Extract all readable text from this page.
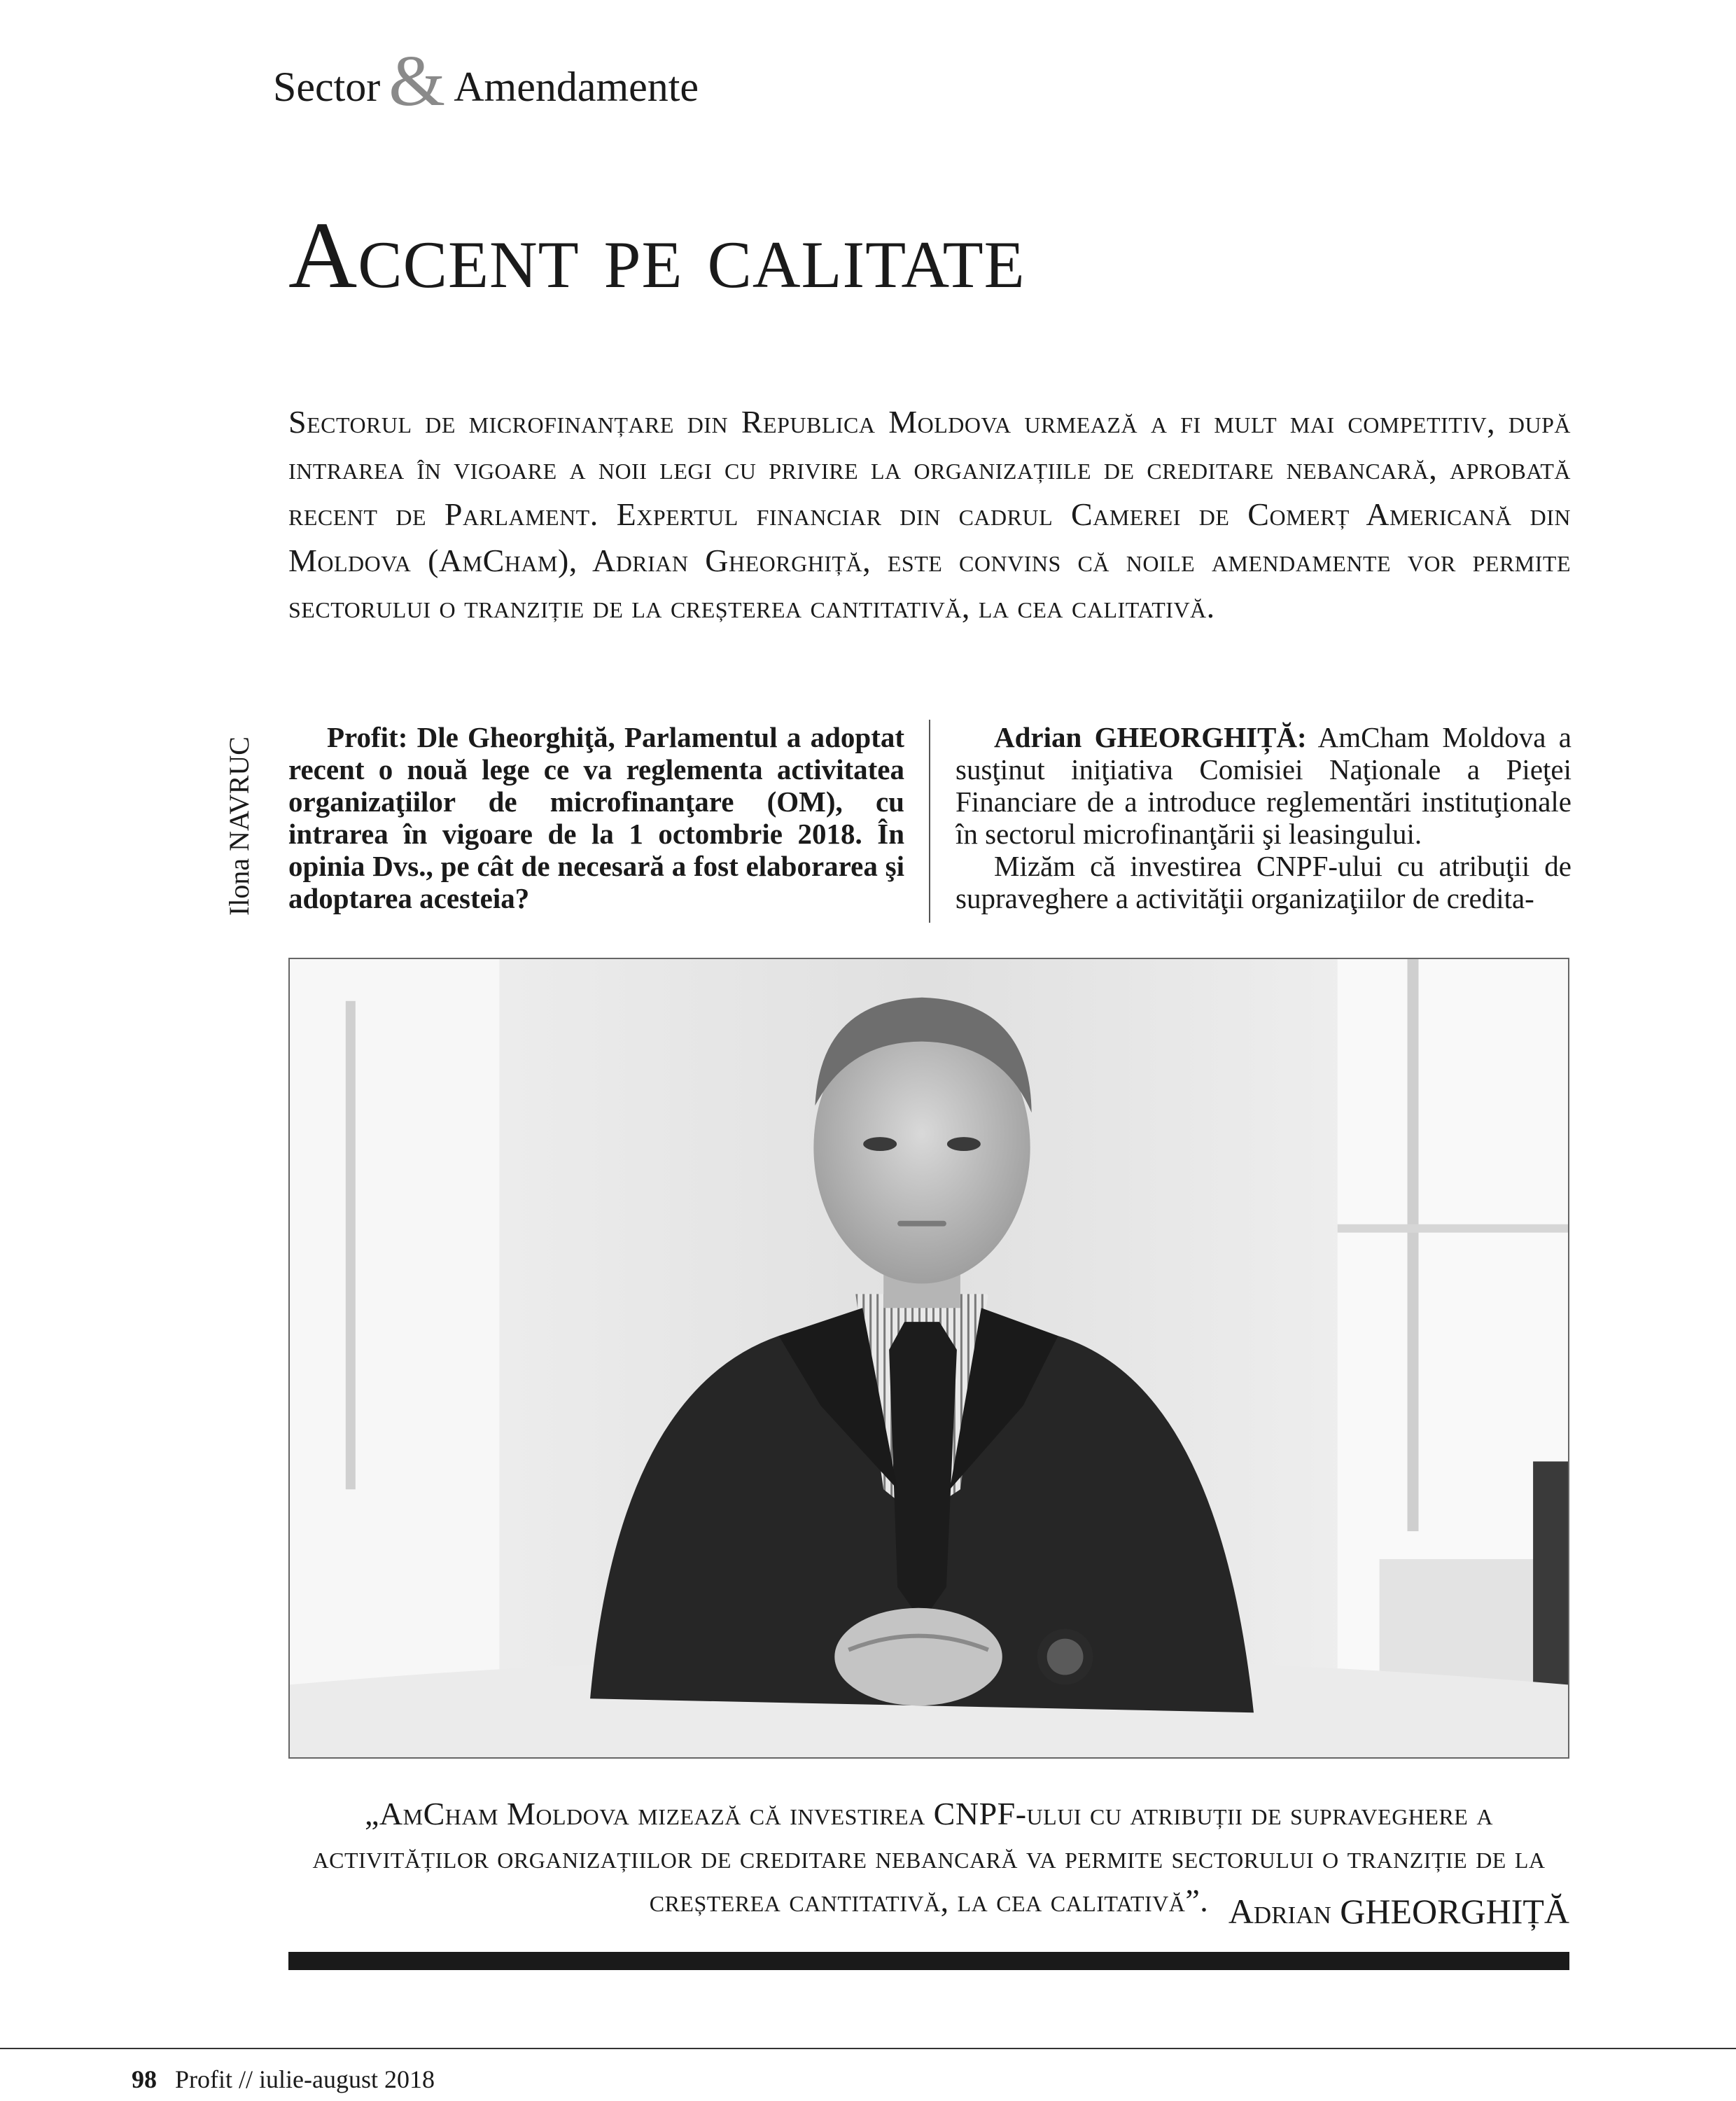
Sector & Amendamente
Accent pe calitate
Sectorul de microfinanțare din Republica Moldova urmează a fi mult mai competitiv, după intrarea în vigoare a noii legi cu privire la organizațiile de creditare nebancară, aprobată recent de Parlament. Expertul financiar din cadrul Camerei de Comerț Americană din Moldova (AmCham), Adrian Gheorghiță, este convins că noile amendamente vor permite sectorului o tranziție de la creșterea cantitativă, la cea calitativă.
Ilona NAVRUC	Profit: Dle Gheorghiţă, Parlamentul a adoptat recent o nouă lege ce va reglementa activitatea organizaţiilor de microfinanţare (OM), cu intrarea în vigoare de la 1 octombrie 2018. În opinia Dvs., pe cât de necesară a fost elaborarea şi adoptarea acesteia?

Adrian GHEORGHIȚĂ: AmCham Moldova a susţinut iniţiativa Comisiei Naţionale a Pieţei Financiare de a introduce reglementări instituţionale în sectorul microfinanţării şi leasingului.

Mizăm că investirea CNPF-ului cu atribuţii de supraveghere a activităţii organizaţiilor de credita-

„AmCham Moldova mizează că investirea CNPF-ului cu atribuții de supraveghere a activităților organizațiilor de creditare nebancară va permite sectorului o tranziție de la creșterea cantitativă, la cea calitativă”. Adrian GHEORGHIȚĂ
98 Profit // iulie-august 2018
